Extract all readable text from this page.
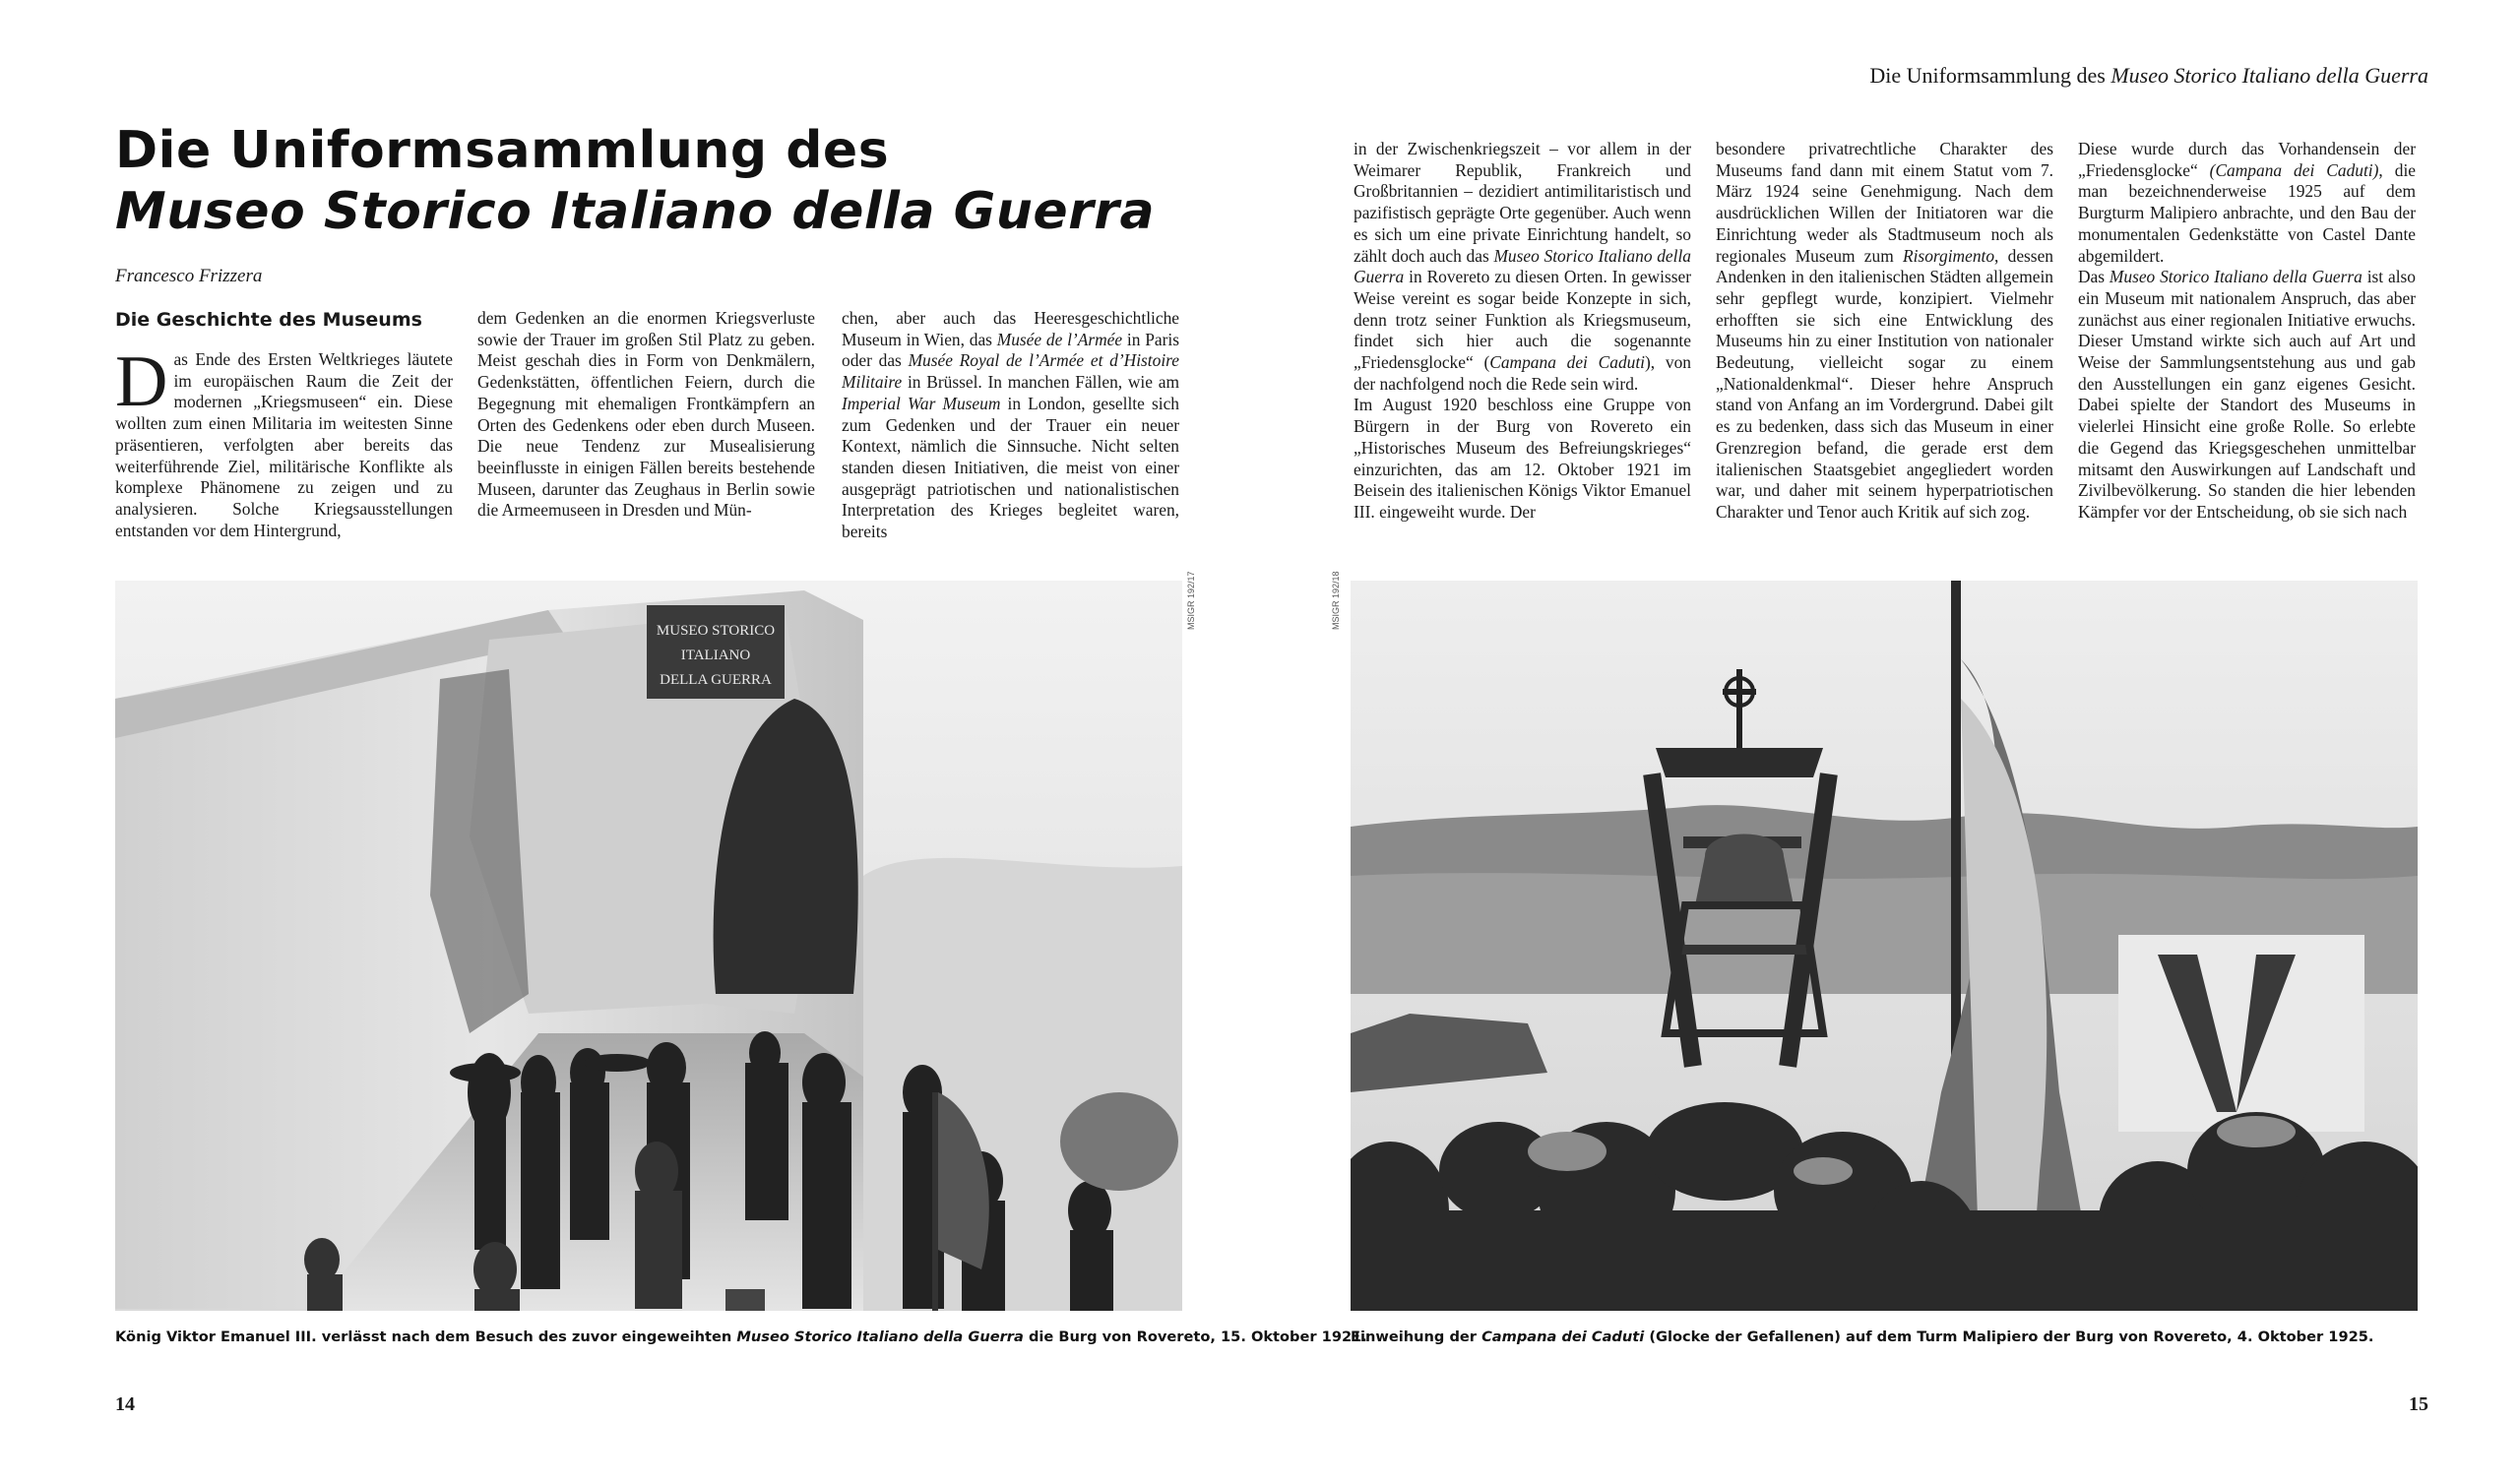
Die Uniformsammlung des Museo Storico Italiano della Guerra
Die Uniformsammlung des
Museo Storico Italiano della Guerra
Francesco Frizzera
Die Geschichte des Museums
D as Ende des Ersten Weltkrieges läutete im europäischen Raum die Zeit der modernen „Kriegsmuseen“ ein. Diese wollten zum einen Militaria im weitesten Sinne präsentieren, verfolgten aber bereits das weiterführende Ziel, militärische Konflikte als komplexe Phänomene zu zeigen und zu analysieren. Solche Kriegsausstellungen entstanden vor dem Hintergrund,
dem Gedenken an die enormen Kriegsverluste sowie der Trauer im großen Stil Platz zu geben. Meist geschah dies in Form von Denkmälern, Gedenkstätten, öffentlichen Feiern, durch die Begegnung mit ehemaligen Frontkämpfern an Orten des Gedenkens oder eben durch Museen. Die neue Tendenz zur Musealisierung beeinflusste in einigen Fällen bereits bestehende Museen, darunter das Zeughaus in Berlin sowie die Armeemuseen in Dresden und Mün-
chen, aber auch das Heeresgeschichtliche Museum in Wien, das Musée de l’Armée in Paris oder das Musée Royal de l’Armée et d’Histoire Militaire in Brüssel. In manchen Fällen, wie am Imperial War Museum in London, gesellte sich zum Gedenken und der Trauer ein neuer Kontext, nämlich die Sinnsuche. Nicht selten standen diesen Initiativen, die meist von einer ausgeprägt patriotischen und nationalistischen Interpretation des Krieges begleitet waren, bereits
in der Zwischenkriegszeit – vor allem in der Weimarer Republik, Frankreich und Großbritannien – dezidiert antimilitaristisch und pazifistisch geprägte Orte gegenüber. Auch wenn es sich um eine private Einrichtung handelt, so zählt doch auch das Museo Storico Italiano della Guerra in Rovereto zu diesen Orten. In gewisser Weise vereint es sogar beide Konzepte in sich, denn trotz seiner Funktion als Kriegsmuseum, findet sich hier auch die sogenannte „Friedensglocke“ (Campana dei Caduti), von der nachfolgend noch die Rede sein wird.
Im August 1920 beschloss eine Gruppe von Bürgern in der Burg von Rovereto ein „Historisches Museum des Befreiungskrieges“ einzurichten, das am 12. Oktober 1921 im Beisein des italienischen Königs Viktor Emanuel III. eingeweiht wurde. Der
besondere privatrechtliche Charakter des Museums fand dann mit einem Statut vom 7. März 1924 seine Genehmigung. Nach dem ausdrücklichen Willen der Initiatoren war die Einrichtung weder als Stadtmuseum noch als regionales Museum zum Risorgimento, dessen Andenken in den italienischen Städten allgemein sehr gepflegt wurde, konzipiert. Vielmehr erhofften sie sich eine Entwicklung des Museums hin zu einer Institution von nationaler Bedeutung, vielleicht sogar zu einem „Nationaldenkmal“. Dieser hehre Anspruch stand von Anfang an im Vordergrund. Dabei gilt es zu bedenken, dass sich das Museum in einer Grenzregion befand, die gerade erst dem italienischen Staatsgebiet angegliedert worden war, und daher mit seinem hyperpatriotischen Charakter und Tenor auch Kritik auf sich zog.
Diese wurde durch das Vorhandensein der „Friedensglocke“ (Campana dei Caduti), die man bezeichnenderweise 1925 auf dem Burgturm Malipiero anbrachte, und den Bau der monumentalen Gedenkstätte von Castel Dante abgemildert.
Das Museo Storico Italiano della Guerra ist also ein Museum mit nationalem Anspruch, das aber zunächst aus einer regionalen Initiative erwuchs. Dieser Umstand wirkte sich auch auf Art und Weise der Sammlungsentstehung aus und gab den Ausstellungen ein ganz eigenes Gesicht. Dabei spielte der Standort des Museums in vielerlei Hinsicht eine große Rolle. So erlebte die Gegend das Kriegsgeschehen unmittelbar mitsamt den Auswirkungen auf Landschaft und Zivilbevölkerung. So standen die hier lebenden Kämpfer vor der Entscheidung, ob sie sich nach
MUSEO STORICO
ITALIANO
DELLA GUERRA
MSIGR 192/17	MSIGR 192/18
König Viktor Emanuel III. verlässt nach dem Besuch des zuvor eingeweihten Museo Storico Italiano della Guerra die Burg von Rovereto, 15. Oktober 1921.
Einweihung der Campana dei Caduti (Glocke der Gefallenen) auf dem Turm Malipiero der Burg von Rovereto, 4. Oktober 1925.
14	15
